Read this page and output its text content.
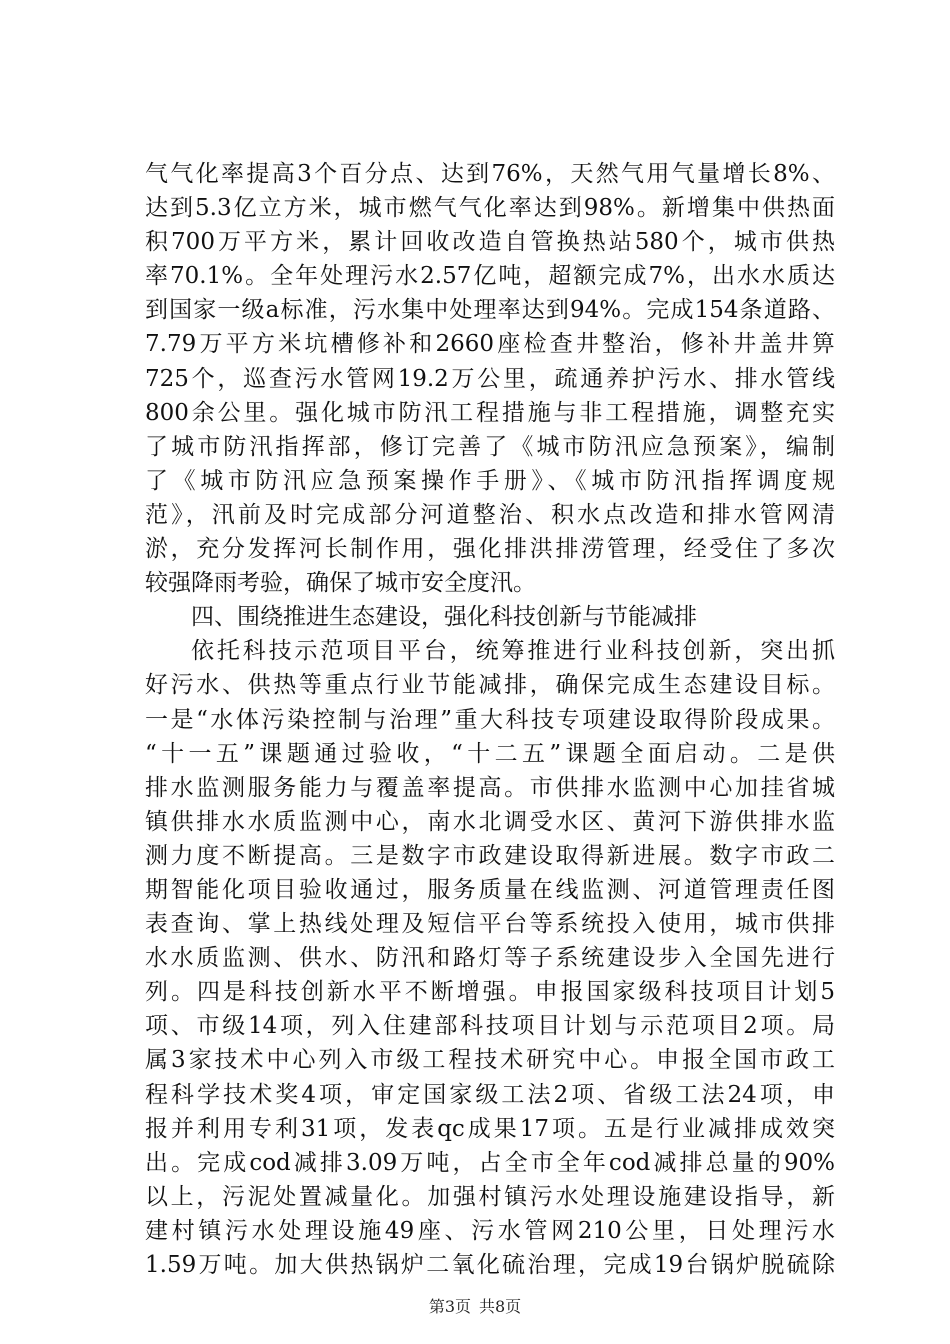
气气化率提高3个百分点、达到76%，天然气用气量增长8%、
达到5.3亿立方米，城市燃气气化率达到98%。新增集中供热面
积700万平方米，累计回收改造自管换热站580个，城市供热
率70.1%。全年处理污水2.57亿吨，超额完成7%，出水水质达
到国家一级a标准，污水集中处理率达到94%。完成154条道路、
7.79万平方米坑槽修补和2660座检查井整治，修补井盖井箅
725个，巡查污水管网19.2万公里，疏通养护污水、排水管线
800余公里。强化城市防汛工程措施与非工程措施，调整充实
了城市防汛指挥部，修订完善了《城市防汛应急预案》，编制
了《城市防汛应急预案操作手册》、《城市防汛指挥调度规
范》，汛前及时完成部分河道整治、积水点改造和排水管网清
淤，充分发挥河长制作用，强化排洪排涝管理，经受住了多次
较强降雨考验，确保了城市安全度汛。
四、围绕推进生态建设，强化科技创新与节能减排
依托科技示范项目平台，统筹推进行业科技创新，突出抓
好污水、供热等重点行业节能减排，确保完成生态建设目标。
一是“水体污染控制与治理”重大科技专项建设取得阶段成果。
“十一五”课题通过验收，“十二五”课题全面启动。二是供
排水监测服务能力与覆盖率提高。市供排水监测中心加挂省城
镇供排水水质监测中心，南水北调受水区、黄河下游供排水监
测力度不断提高。三是数字市政建设取得新进展。数字市政二
期智能化项目验收通过，服务质量在线监测、河道管理责任图
表查询、掌上热线处理及短信平台等系统投入使用，城市供排
水水质监测、供水、防汛和路灯等子系统建设步入全国先进行
列。四是科技创新水平不断增强。申报国家级科技项目计划5
项、市级14项，列入住建部科技项目计划与示范项目2项。局
属3家技术中心列入市级工程技术研究中心。申报全国市政工
程科学技术奖4项，审定国家级工法2项、省级工法24项，申
报并利用专利31项，发表qc成果17项。五是行业减排成效突
出。完成cod减排3.09万吨，占全市全年cod减排总量的90%
以上，污泥处置减量化。加强村镇污水处理设施建设指导，新
建村镇污水处理设施49座、污水管网210公里，日处理污水
1.59万吨。加大供热锅炉二氧化硫治理，完成19台锅炉脱硫除
第3页 共8页
